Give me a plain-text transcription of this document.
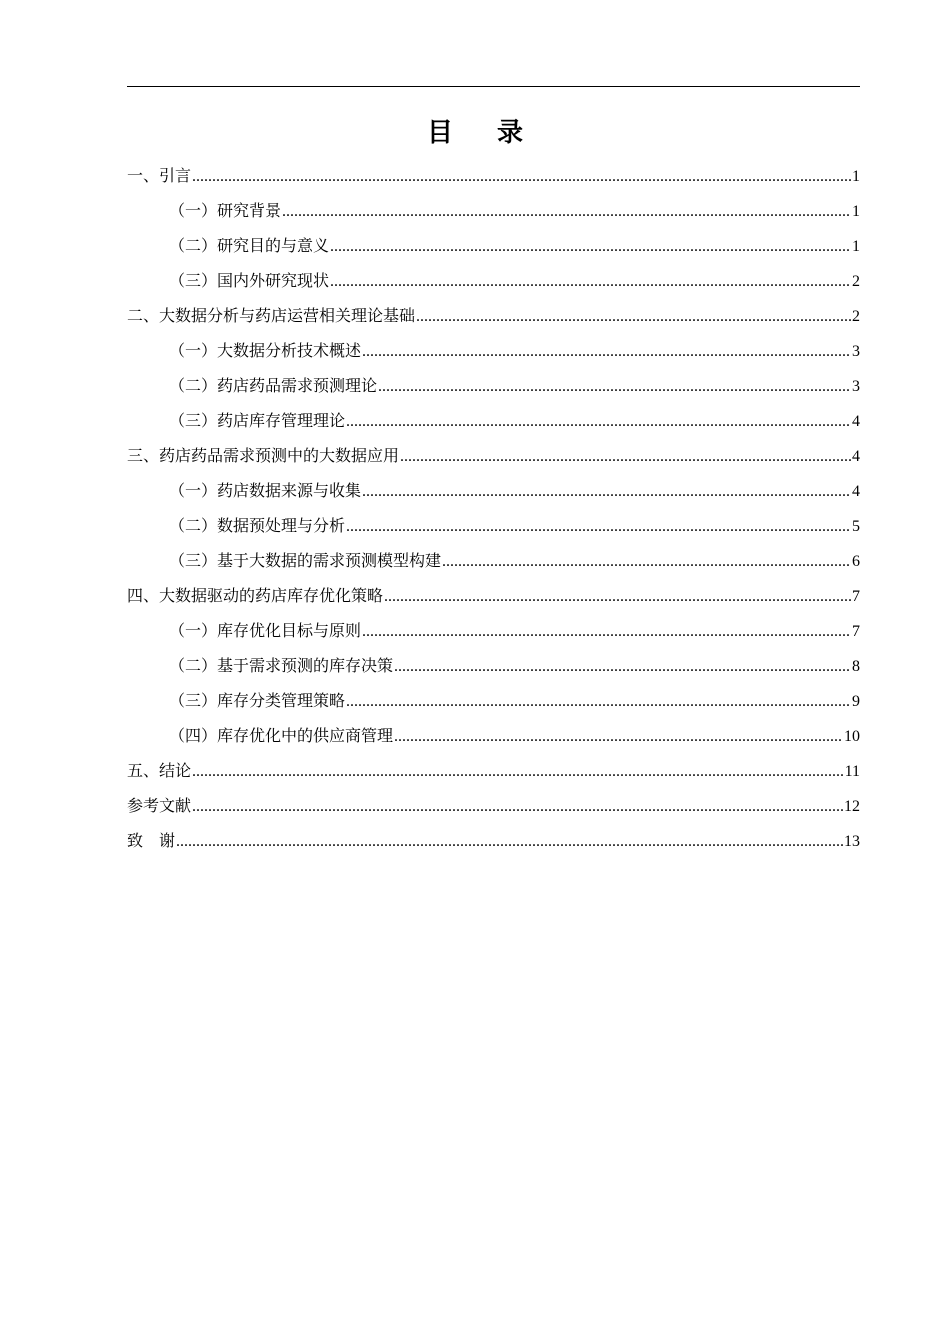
目 录
一、引言 .....	1
（一）研究背景 .....	1
（二）研究目的与意义 .....	1
（三）国内外研究现状 .....	2
二、大数据分析与药店运营相关理论基础 .....	2
（一）大数据分析技术概述 .....	3
（二）药店药品需求预测理论 .....	3
（三）药店库存管理理论 .....	4
三、药店药品需求预测中的大数据应用 .....	4
（一）药店数据来源与收集 .....	4
（二）数据预处理与分析 .....	5
（三）基于大数据的需求预测模型构建 .....	6
四、大数据驱动的药店库存优化策略 .....	7
（一）库存优化目标与原则 .....	7
（二）基于需求预测的库存决策 .....	8
（三）库存分类管理策略 .....	9
（四）库存优化中的供应商管理 .....	10
五、结论 .....	11
参考文献 .....	12
致　谢 .....	13
